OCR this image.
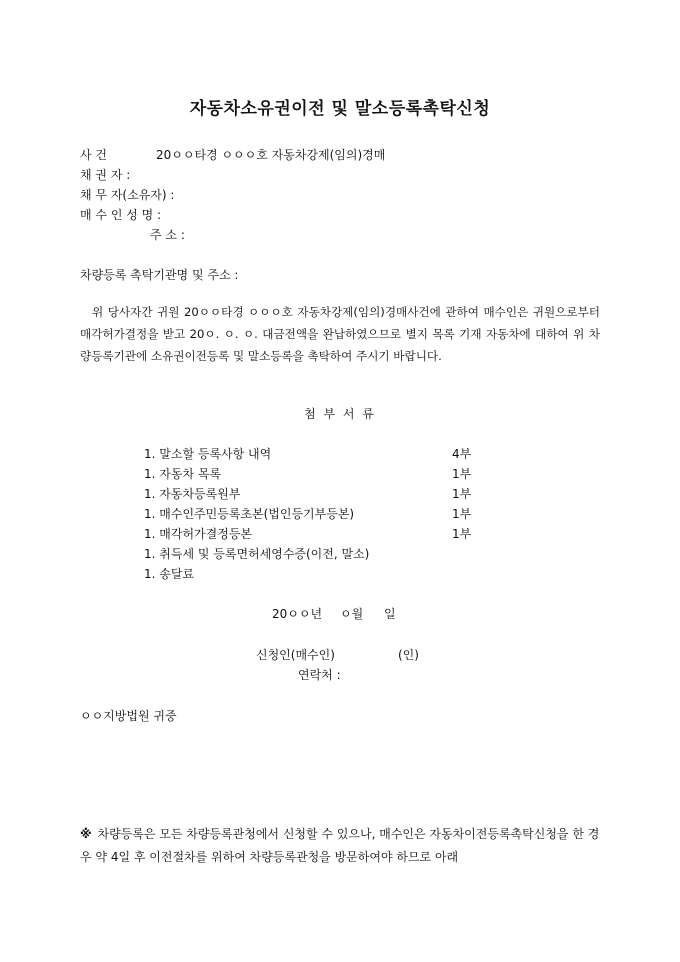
자동차소유권이전 및 말소등록촉탁신청
사 건	20ㅇㅇ타경 ㅇㅇㅇ호 자동차강제(임의)경매
채 권 자 :
채 무 자(소유자) :
매 수 인 성 명 :
주 소 :
차량등록 촉탁기관명 및 주소 :
위 당사자간 귀원 20ㅇㅇ타경 ㅇㅇㅇ호 자동차강제(임의)경매사건에 관하여 매수인은 귀원으로부터 매각허가결정을 받고 20ㅇ. ㅇ. ㅇ. 대금전액을 완납하였으므로 별지 목록 기재 자동차에 대하여 위 차량등록기관에 소유권이전등록 및 말소등록을 촉탁하여 주시기 바랍니다.
첨 부 서 류
1. 말소할 등록사항 내역	4부
1. 자동차 목록	1부
1. 자동차등록원부	1부
1. 매수인주민등록초본(법인등기부등본)	1부
1. 매각허가결정등본	1부
1. 취득세 및 등록면허세영수증(이전, 말소)
1. 송달료
20ㅇㅇ년 ㅇ월 일
신청인(매수인)	(인)
연락처 :
ㅇㅇ지방법원 귀중
※ 차량등록은 모든 차량등록관청에서 신청할 수 있으나, 매수인은 자동차이전등록촉탁신청을 한 경우 약 4일 후 이전절차를 위하여 차량등록관청을 방문하여야 하므로 아래
